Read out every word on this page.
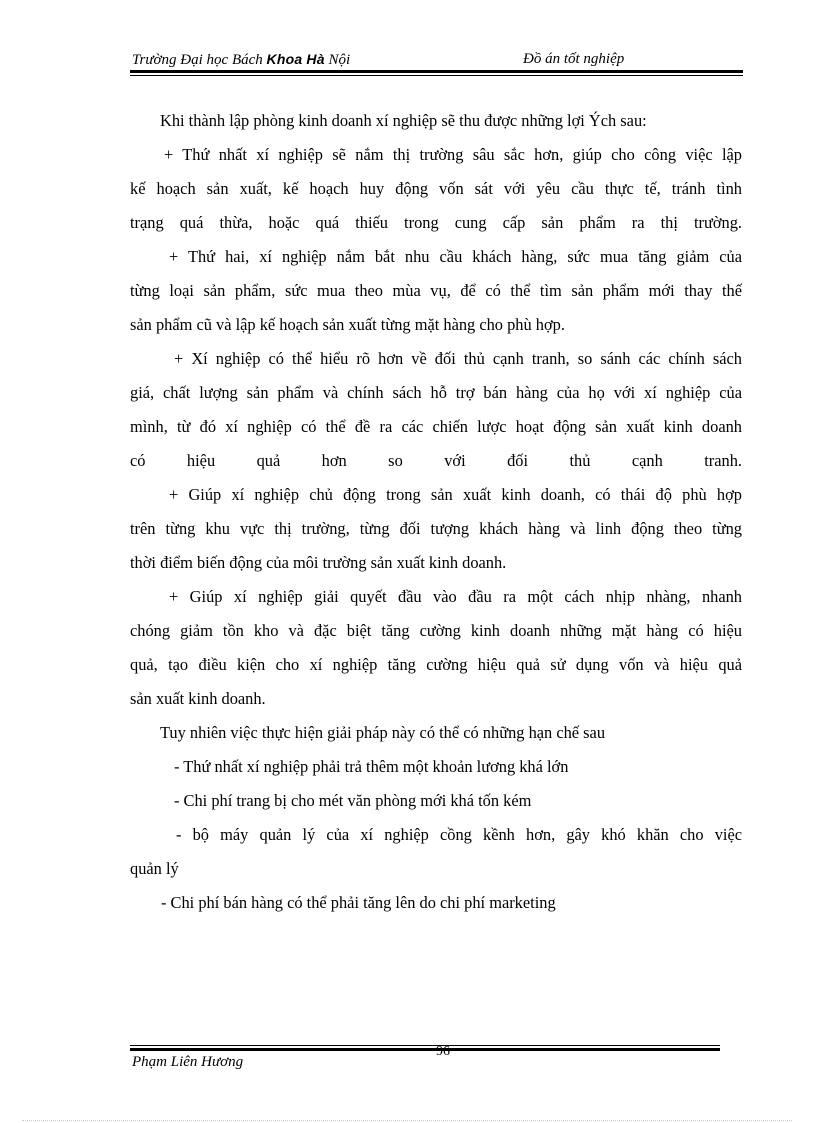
Trường Đại học Bách Khoa Hà Nội	Đồ án tốt nghiệp
Khi thành lập phòng kinh doanh xí nghiệp sẽ thu được những lợi Ých sau:
+ Thứ nhất xí nghiệp sẽ nắm thị trường sâu sắc hơn, giúp cho công việc lập
kế hoạch sản xuất, kế hoạch huy động vốn sát với yêu cầu thực tế, tránh tình
trạng quá thừa, hoặc quá thiếu trong cung cấp sản phẩm ra thị trường.
+ Thứ hai, xí nghiệp nắm bắt nhu cầu khách hàng, sức mua tăng giảm của
từng loại sản phẩm, sức mua theo mùa vụ, để có thể tìm sản phẩm mới thay thế
sản phẩm cũ và lập kế hoạch sản xuất từng mặt hàng cho phù hợp.
+ Xí nghiệp có thể hiểu rõ hơn về đối thủ cạnh tranh, so sánh các chính sách
giá, chất lượng sản phẩm và chính sách hỗ trợ bán hàng của họ với xí nghiệp của
mình, từ đó xí nghiệp có thể đề ra các chiến lược hoạt động sản xuất kinh doanh
có hiệu quả hơn so với đối thủ cạnh tranh.
+ Giúp xí nghiệp chủ động trong sản xuất kinh doanh, có thái độ phù hợp
trên từng khu vực thị trường, từng đối tượng khách hàng và linh động theo từng
thời điểm biến động của môi trường sản xuất kinh doanh.
+ Giúp xí nghiệp giải quyết đầu vào đầu ra một cách nhịp nhàng, nhanh
chóng giảm tồn kho và đặc biệt tăng cường kinh doanh những mặt hàng có hiệu
quả, tạo điều kiện cho xí nghiệp tăng cường hiệu quả sử dụng vốn và hiệu quả
sản xuất kinh doanh.
Tuy nhiên việc thực hiện giải pháp này có thể có những hạn chế sau
- Thứ nhất xí nghiệp phải trả thêm một khoản lương khá lớn
- Chi phí trang bị cho mét văn phòng mới khá tốn kém
- bộ máy quản lý của xí nghiệp cồng kềnh hơn, gây khó khăn cho việc
quản lý
- Chi phí bán hàng có thể phải tăng lên do chi phí marketing
96
Phạm Liên Hương
